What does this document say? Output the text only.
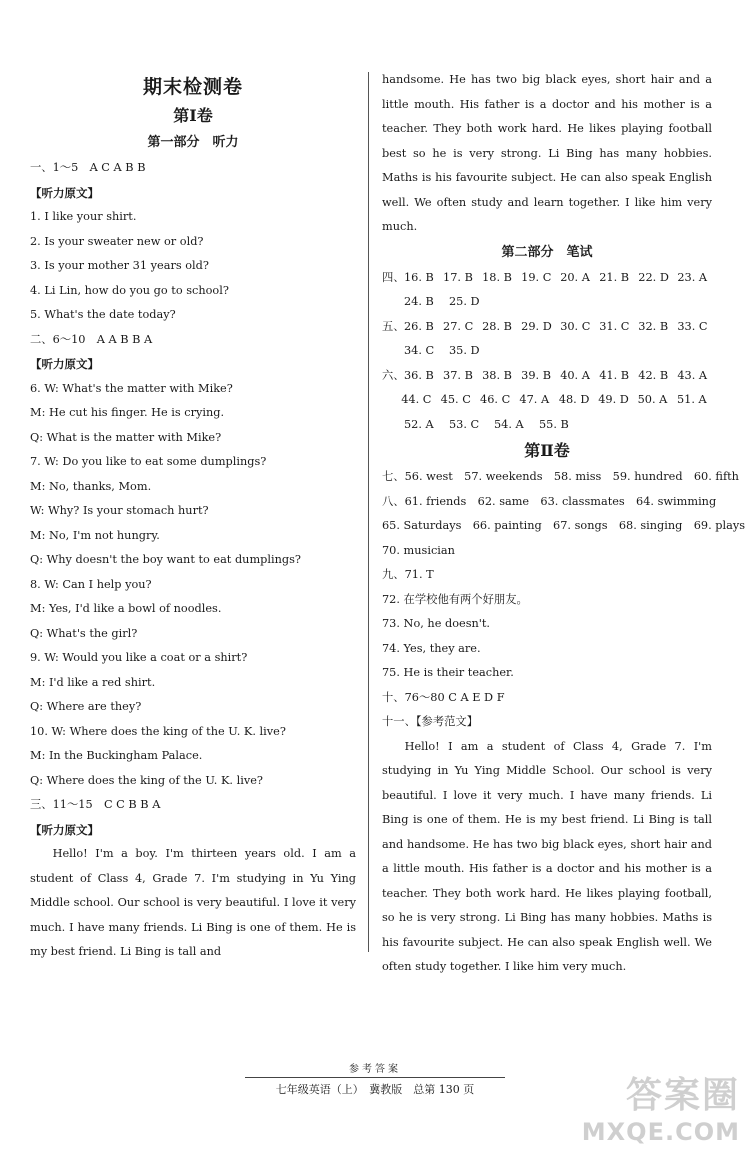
期末检测卷
第Ⅰ卷
第一部分　听力
一、1～5　A C A B B
【听力原文】
1. I like your shirt.
2. Is your sweater new or old?
3. Is your mother 31 years old?
4. Li Lin, how do you go to school?
5. What's the date today?
二、6～10　A A B B A
【听力原文】
6. W: What's the matter with Mike?
M: He cut his finger. He is crying.
Q: What is the matter with Mike?
7. W: Do you like to eat some dumplings?
M: No, thanks, Mom.
W: Why? Is your stomach hurt?
M: No, I'm not hungry.
Q: Why doesn't the boy want to eat dumplings?
8. W: Can I help you?
M: Yes, I'd like a bowl of noodles.
Q: What's the girl?
9. W: Would you like a coat or a shirt?
M: I'd like a red shirt.
Q: Where are they?
10. W: Where does the king of the U. K. live?
M: In the Buckingham Palace.
Q: Where does the king of the U. K. live?
三、11～15　C C B B A
【听力原文】

Hello! I'm a boy. I'm thirteen years old. I am a student of Class 4, Grade 7. I'm studying in Yu Ying Middle school. Our school is very beautiful. I love it very much. I have many friends. Li Bing is one of them. He is my best friend. Li Bing is tall and

handsome. He has two big black eyes, short hair and a little mouth. His father is a doctor and his mother is a teacher. They both work hard. He likes playing football best so he is very strong. Li Bing has many hobbies. Maths is his favourite subject. He can also speak English well. We often study and learn together. I like him very much.

第二部分　笔试
四、 16. B 17. B 18. B 19. C 20. A 21. B 22. D 23. A
24. B	25. D
五、 26. B 27. C 28. B 29. D 30. C 31. C 32. B 33. C
34. C	35. D
六、 36. B 37. B 38. B 39. B 40. A 41. B 42. B 43. A
44. C 45. C 46. C 47. A 48. D 49. D 50. A 51. A
52. A	53. C	54. A	55. B
第Ⅱ卷
七、56. west　57. weekends　58. miss　59. hundred　60. fifth
八、61. friends　62. same　63. classmates　64. swimming
65. Saturdays　66. painting　67. songs　68. singing　69. plays
70. musician
九、71. T
72. 在学校他有两个好朋友。
73. No, he doesn't.
74. Yes, they are.
75. He is their teacher.
十、76～80 C A E D F
十一、【参考范文】

Hello! I am a student of Class 4, Grade 7. I'm studying in Yu Ying Middle School. Our school is very beautiful. I love it very much. I have many friends. Li Bing is one of them. He is my best friend. Li Bing is tall and handsome. He has two big black eyes, short hair and a little mouth. His father is a doctor and his mother is a teacher. They both work hard. He likes playing football, so he is very strong. Li Bing has many hobbies. Maths is his favourite subject. He can also speak English well. We often study together. I like him very much.

参考答案
七年级英语（上）　冀教版　总第 130 页	答案圈
MXQE.COM
